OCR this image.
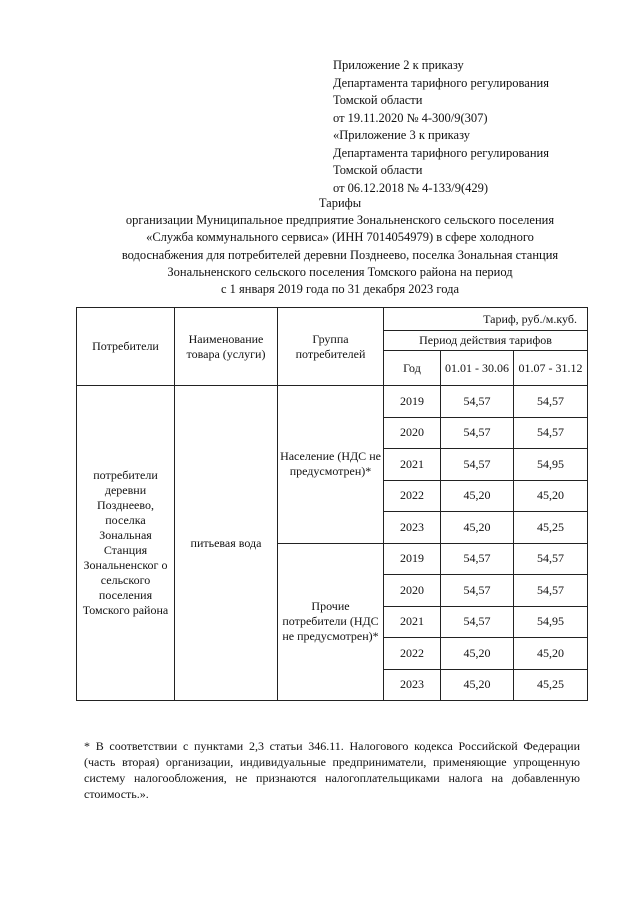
Приложение 2 к приказу
Департамента тарифного регулирования
Томской области
от 19.11.2020 № 4-300/9(307)
«Приложение 3 к приказу
Департамента тарифного регулирования
Томской области
от 06.12.2018 № 4-133/9(429)
Тарифы
организации Муниципальное предприятие Зональненского сельского поселения
«Служба коммунального сервиса» (ИНН 7014054979) в сфере холодного
водоснабжения для потребителей деревни Позднеево, поселка Зональная станция
Зональненского сельского поселения Томского района на период
с 1 января 2019 года по 31 декабря 2023 года
Потребители	Наименование товара (услуги)	Группа потребителей	Тариф, руб./м.куб.		
			Период действия тарифов		
			Год	01.01 - 30.06	01.07 - 31.12
потребители деревни Позднеево, поселка Зональная Станция Зональненског о сельского поселения Томского района	питьевая вода	Население (НДС не предусмотрен)*	2019	54,57	54,57
			2020	54,57	54,57
			2021	54,57	54,95
			2022	45,20	45,20
			2023	45,20	45,25
		Прочие потребители (НДС не предусмотрен)*	2019	54,57	54,57
			2020	54,57	54,57
			2021	54,57	54,95
			2022	45,20	45,20
			2023	45,20	45,25
* В соответствии с пунктами 2,3 статьи 346.11. Налогового кодекса Российской Федерации (часть вторая) организации, индивидуальные предприниматели, применяющие упрощенную систему налогообложения, не признаются налогоплательщиками налога на добавленную стоимость.».
